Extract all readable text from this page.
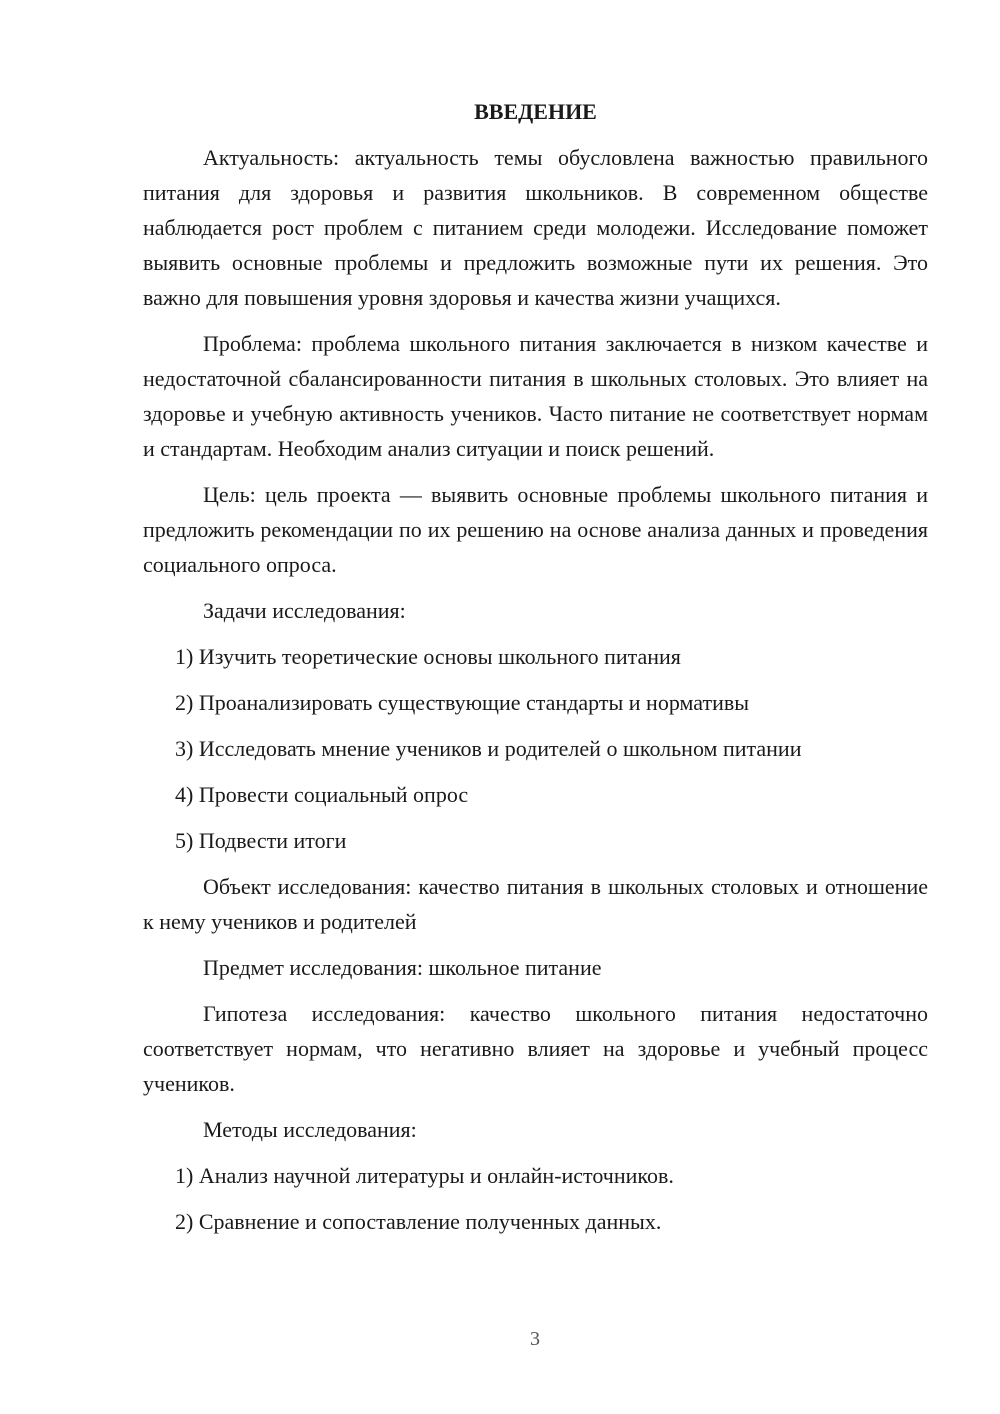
ВВЕДЕНИЕ

Актуальность: актуальность темы обусловлена важностью правильного питания для здоровья и развития школьников. В современном обществе наблюдается рост проблем с питанием среди молодежи. Исследование поможет выявить основные проблемы и предложить возможные пути их решения. Это важно для повышения уровня здоровья и качества жизни учащихся.

Проблема: проблема школьного питания заключается в низком качестве и недостаточной сбалансированности питания в школьных столовых. Это влияет на здоровье и учебную активность учеников. Часто питание не соответствует нормам и стандартам. Необходим анализ ситуации и поиск решений.

Цель: цель проекта — выявить основные проблемы школьного питания и предложить рекомендации по их решению на основе анализа данных и проведения социального опроса.

Задачи исследования:

1) Изучить теоретические основы школьного питания

2) Проанализировать существующие стандарты и нормативы

3) Исследовать мнение учеников и родителей о школьном питании

4) Провести социальный опрос

5) Подвести итоги

Объект исследования: качество питания в школьных столовых и отношение к нему учеников и родителей

Предмет исследования: школьное питание

Гипотеза исследования: качество школьного питания недостаточно соответствует нормам, что негативно влияет на здоровье и учебный процесс учеников.

Методы исследования:

1) Анализ научной литературы и онлайн-источников.

2) Сравнение и сопоставление полученных данных.

3
